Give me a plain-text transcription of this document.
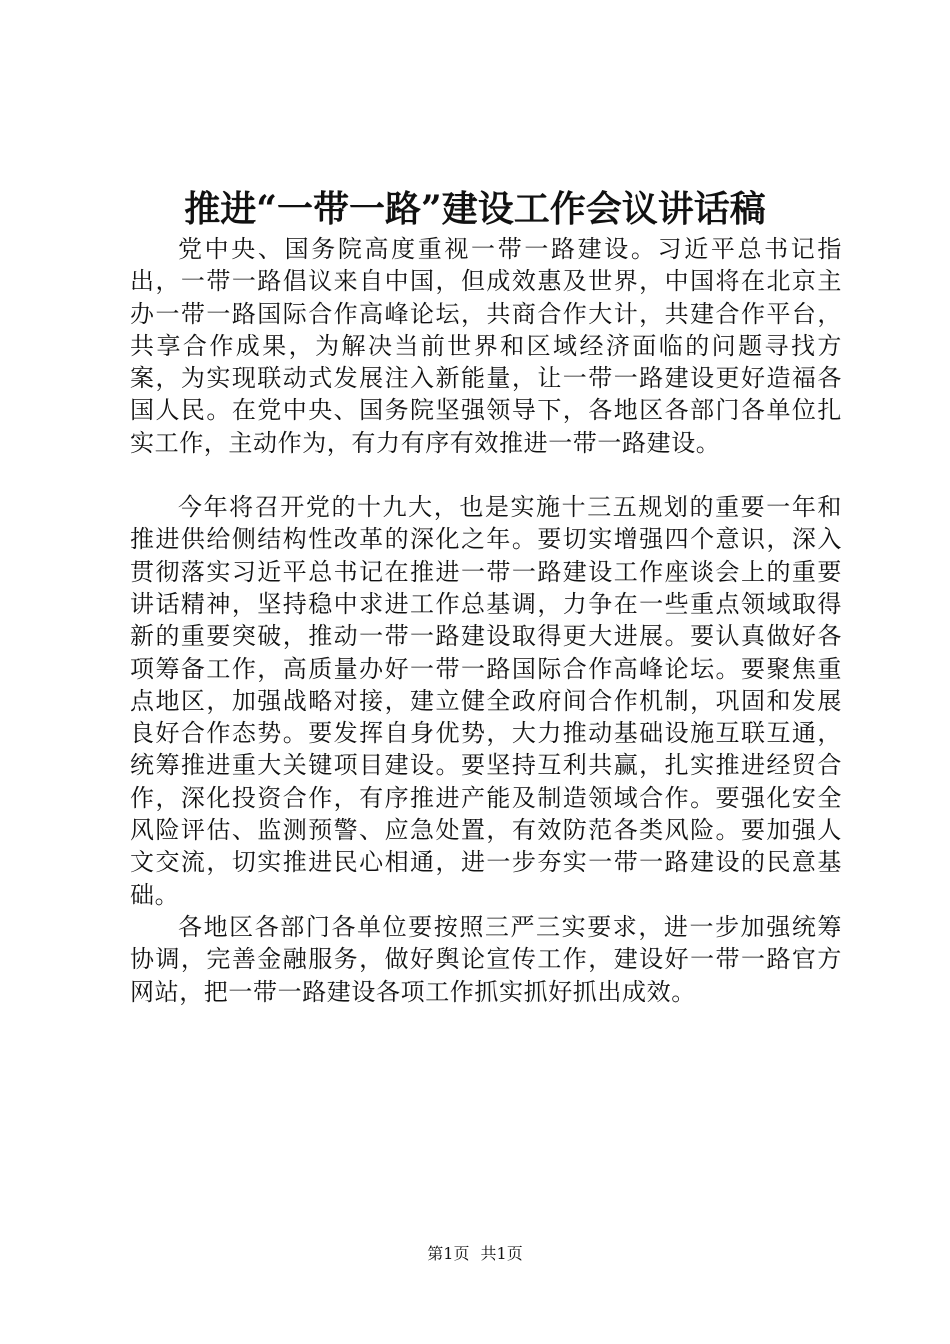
推进“一带一路”建设工作会议讲话稿

党中央、国务院高度重视一带一路建设。习近平总书记指出，一带一路倡议来自中国，但成效惠及世界，中国将在北京主办一带一路国际合作高峰论坛，共商合作大计，共建合作平台，共享合作成果，为解决当前世界和区域经济面临的问题寻找方案，为实现联动式发展注入新能量，让一带一路建设更好造福各国人民。在党中央、国务院坚强领导下，各地区各部门各单位扎实工作，主动作为，有力有序有效推进一带一路建设。

今年将召开党的十九大，也是实施十三五规划的重要一年和推进供给侧结构性改革的深化之年。要切实增强四个意识，深入贯彻落实习近平总书记在推进一带一路建设工作座谈会上的重要讲话精神，坚持稳中求进工作总基调，力争在一些重点领域取得新的重要突破，推动一带一路建设取得更大进展。要认真做好各项筹备工作，高质量办好一带一路国际合作高峰论坛。要聚焦重点地区，加强战略对接，建立健全政府间合作机制，巩固和发展良好合作态势。要发挥自身优势，大力推动基础设施互联互通，统筹推进重大关键项目建设。要坚持互利共赢，扎实推进经贸合作，深化投资合作，有序推进产能及制造领域合作。要强化安全风险评估、监测预警、应急处置，有效防范各类风险。要加强人文交流，切实推进民心相通，进一步夯实一带一路建设的民意基础。

各地区各部门各单位要按照三严三实要求，进一步加强统筹协调，完善金融服务，做好舆论宣传工作，建设好一带一路官方网站，把一带一路建设各项工作抓实抓好抓出成效。

第1页 共1页
